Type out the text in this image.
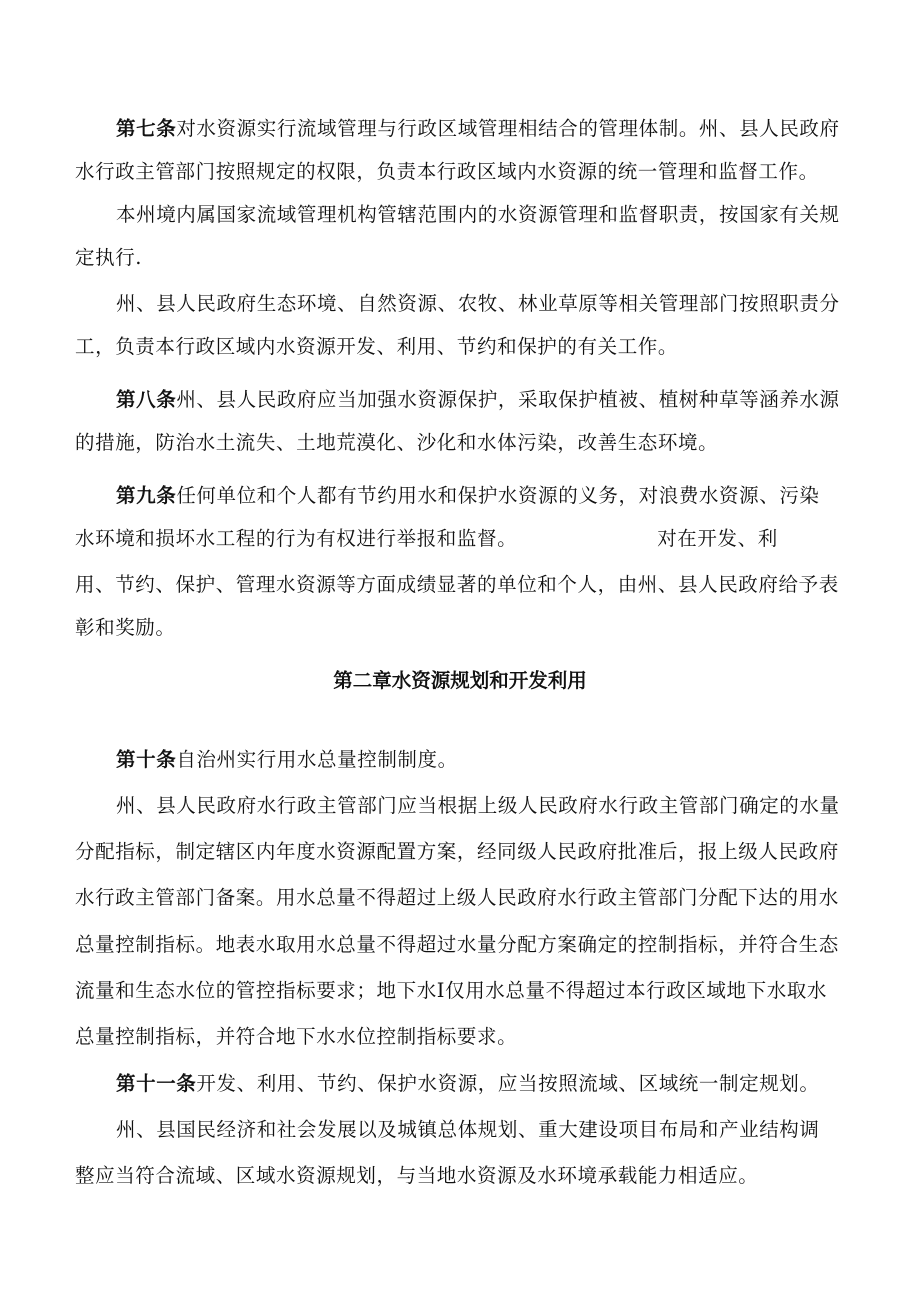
第七条对水资源实行流域管理与行政区域管理相结合的管理体制。州、县人民政府
水行政主管部门按照规定的权限，负责本行政区域内水资源的统一管理和监督工作。
本州境内属国家流域管理机构管辖范围内的水资源管理和监督职责，按国家有关规
定执行.
州、县人民政府生态环境、自然资源、农牧、林业草原等相关管理部门按照职责分
工，负责本行政区域内水资源开发、利用、节约和保护的有关工作。
第八条州、县人民政府应当加强水资源保护，采取保护植被、植树种草等涵养水源
的措施，防治水土流失、土地荒漠化、沙化和水体污染，改善生态环境。
第九条任何单位和个人都有节约用水和保护水资源的义务，对浪费水资源、污染
水环境和损坏水工程的行为有权进行举报和监督。	对在开发、利
用、节约、保护、管理水资源等方面成绩显著的单位和个人，由州、县人民政府给予表
彰和奖励。
第二章水资源规划和开发利用
第十条自治州实行用水总量控制制度。
州、县人民政府水行政主管部门应当根据上级人民政府水行政主管部门确定的水量
分配指标，制定辖区内年度水资源配置方案，经同级人民政府批准后，报上级人民政府
水行政主管部门备案。用水总量不得超过上级人民政府水行政主管部门分配下达的用水
总量控制指标。地表水取用水总量不得超过水量分配方案确定的控制指标，并符合生态
流量和生态水位的管控指标要求；地下水I仅用水总量不得超过本行政区域地下水取水
总量控制指标，并符合地下水水位控制指标要求。
第十一条开发、利用、节约、保护水资源，应当按照流域、区域统一制定规划。
州、县国民经济和社会发展以及城镇总体规划、重大建设项目布局和产业结构调
整应当符合流域、区域水资源规划，与当地水资源及水环境承载能力相适应。
